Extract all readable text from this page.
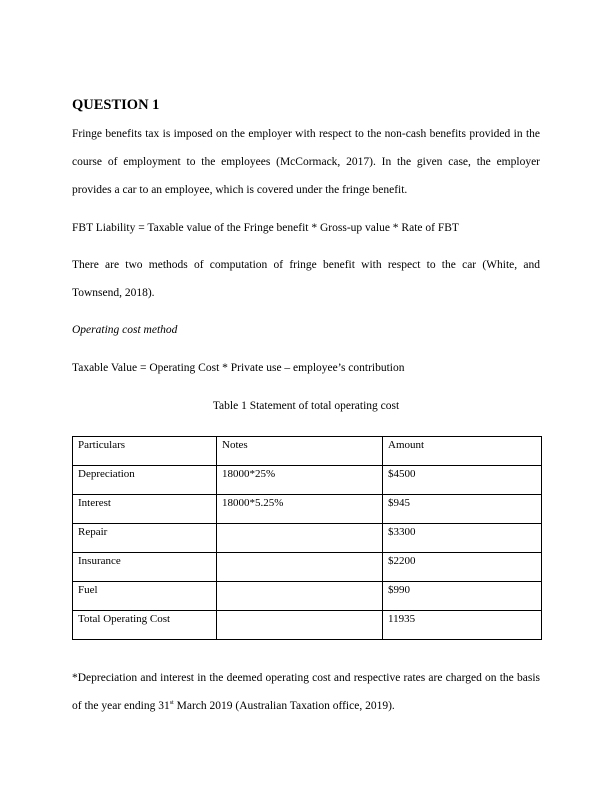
QUESTION 1

Fringe benefits tax is imposed on the employer with respect to the non-cash benefits provided in the course of employment to the employees (McCormack, 2017). In the given case, the employer provides a car to an employee, which is covered under the fringe benefit.

FBT Liability = Taxable value of the Fringe benefit * Gross-up value * Rate of FBT

There are two methods of computation of fringe benefit with respect to the car (White, and Townsend, 2018).

Operating cost method

Taxable Value = Operating Cost * Private use – employee’s contribution

Table 1 Statement of total operating cost

Particulars	Notes	Amount
Depreciation	18000*25%	$4500
Interest	18000*5.25%	$945
Repair		$3300
Insurance		$2200
Fuel		$990
Total Operating Cost		11935

*Depreciation and interest in the deemed operating cost and respective rates are charged on the basis of the year ending 31st March 2019 (Australian Taxation office, 2019).
